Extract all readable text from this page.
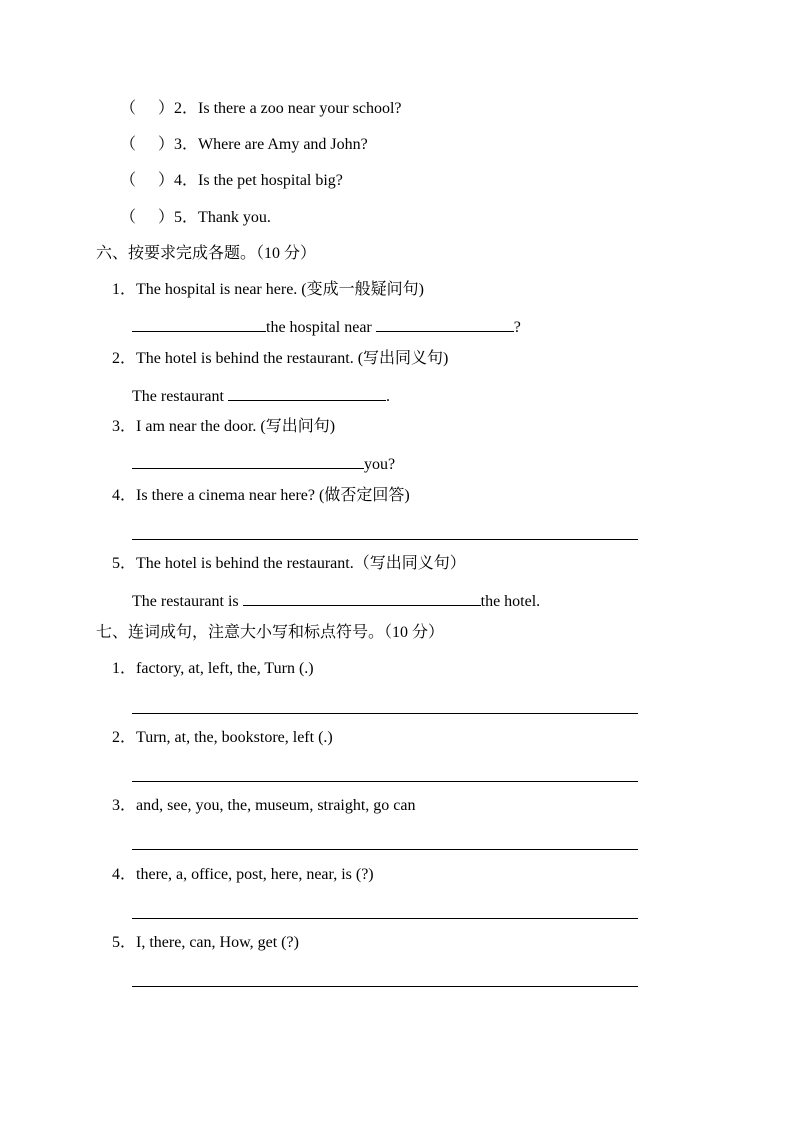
（ ）2．Is there a zoo near your school?
（ ）3．Where are Amy and John?
（ ）4．Is the pet hospital big?
（ ）5．Thank you.
六、按要求完成各题。（10 分）
1．The hospital is near here. (变成一般疑问句)
the hospital near	?
2．The hotel is behind the restaurant. (写出同义句)
The restaurant	.
3．I am near the door. (写出问句)
you?
4．Is there a cinema near here? (做否定回答)
5．The hotel is behind the restaurant.（写出同义句）
The restaurant is	the hotel.
七、连词成句，注意大小写和标点符号。（10 分）
1．factory, at, left, the, Turn (.)
2．Turn, at, the, bookstore, left (.)
3．and, see, you, the, museum, straight, go can
4．there, a, office, post, here, near, is (?)
5．I, there, can, How, get (?)
